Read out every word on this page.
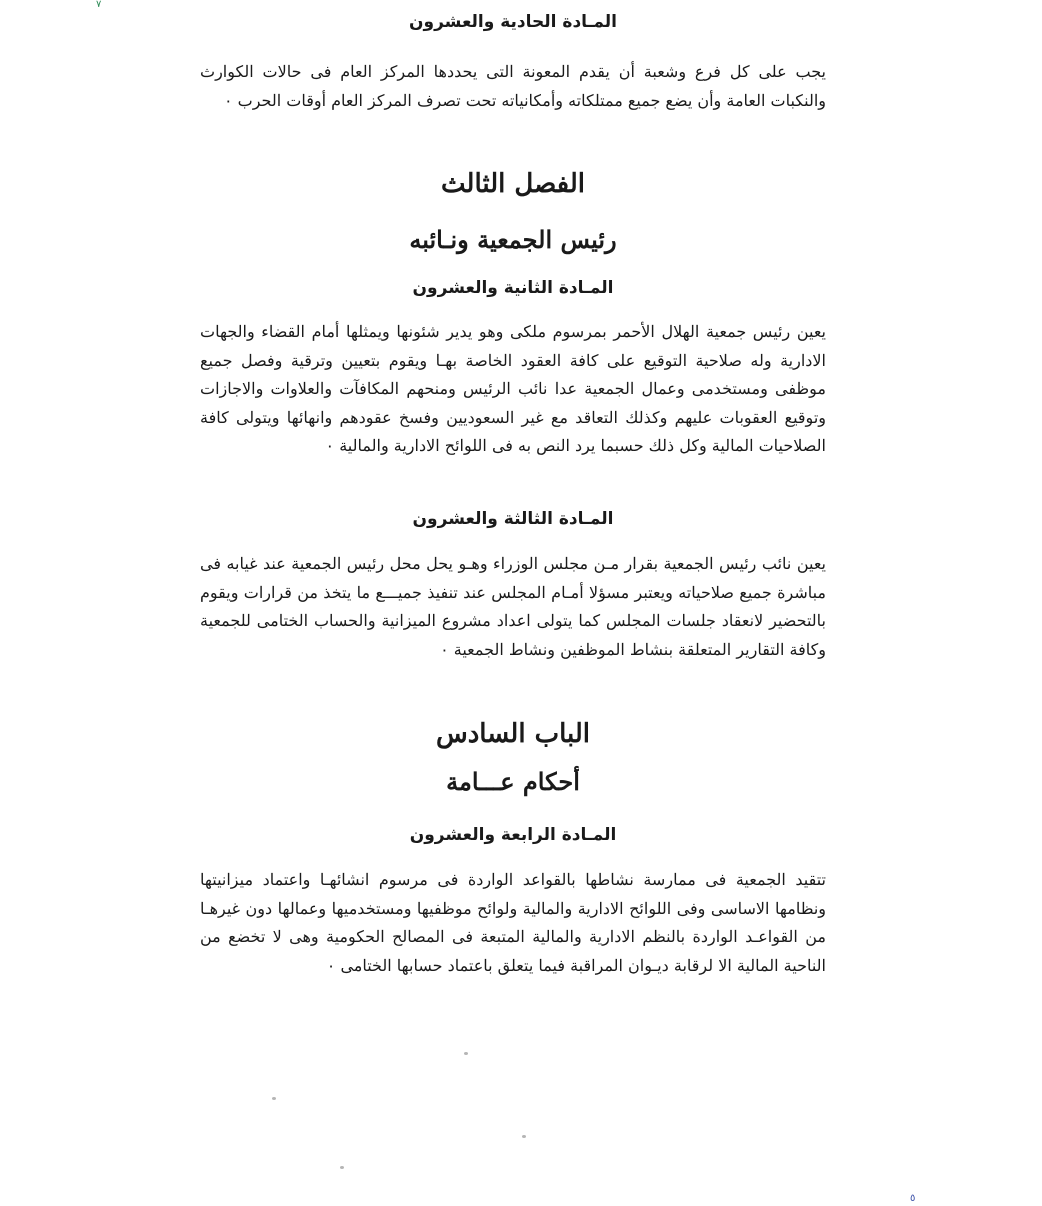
٧
المـادة الحادية والعشرون

يجب على كل فرع وشعبة أن يقدم المعونة التى يحددها المركز العام فى حالات الكوارث والنكبات العامة وأن يضع جميع ممتلكاته وأمكانياته تحت تصرف المركز العام أوقات الحرب ٠

الفصل الثالث
رئيس الجمعية ونـائبه
المـادة الثانية والعشرون

يعين رئيس جمعية الهلال الأحمر بمرسوم ملكى وهو يدير شئونها ويمثلها أمام القضاء والجهات الادارية وله صلاحية التوقيع على كافة العقود الخاصة بهـا ويقوم بتعيين وترقية وفصل جميع موظفى ومستخدمى وعمال الجمعية عدا نائب الرئيس ومنحهم المكافآت والعلاوات والاجازات وتوقيع العقوبات عليهم وكذلك التعاقد مع غير السعوديين وفسخ عقودهم وانهائها ويتولى كافة الصلاحيات المالية وكل ذلك حسبما يرد النص به فى اللوائح الادارية والمالية ٠

المـادة الثالثة والعشرون

يعين نائب رئيس الجمعية بقرار مـن مجلس الوزراء وهـو يحل محل رئيس الجمعية عند غيابه فى مباشرة جميع صلاحياته ويعتبر مسؤلا أمـام المجلس عند تنفيذ جميـــع ما يتخذ من قرارات ويقوم بالتحضير لانعقاد جلسات المجلس كما يتولى اعداد مشروع الميزانية والحساب الختامى للجمعية وكافة التقارير المتعلقة بنشاط الموظفين ونشاط الجمعية ٠

الباب السادس
أحكام عـــامة
المـادة الرابعة والعشرون

تتقيد الجمعية فى ممارسة نشاطها بالقواعد الواردة فى مرسوم انشائهـا واعتماد ميزانيتها ونظامها الاساسى وفى اللوائح الادارية والمالية ولوائح موظفيها ومستخدميها وعمالها دون غيرهـا من القواعـد الواردة بالنظم الادارية والمالية المتبعة فى المصالح الحكومية وهى لا تخضع من الناحية المالية الا لرقابة ديـوان المراقبة فيما يتعلق باعتماد حسابها الختامى ٠

٥
